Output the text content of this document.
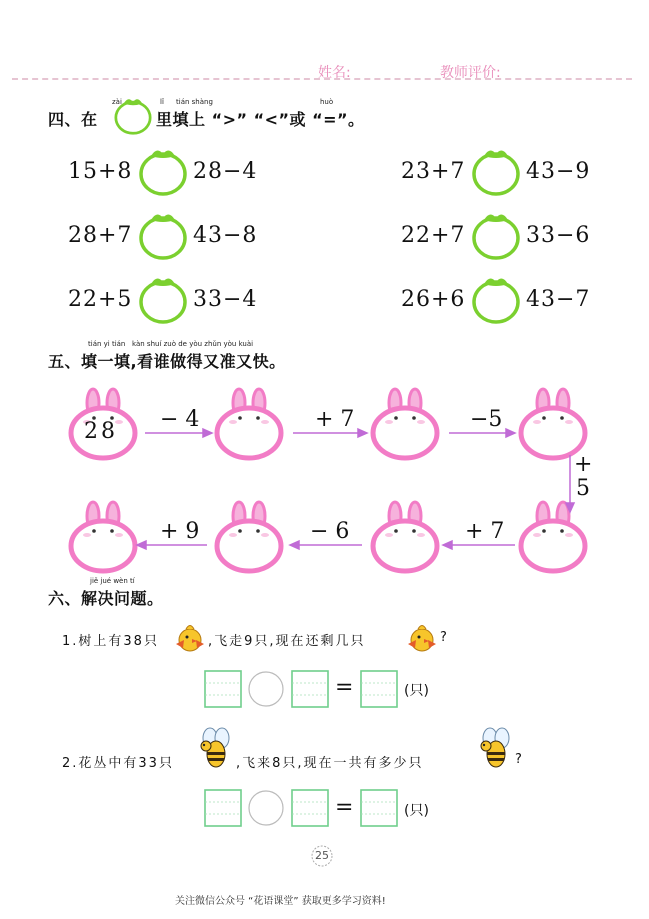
姓名:	教师评价:
zài	lǐ tián shàng	huò
四、在	里填上 “>” “<”或 “=”。
15+8	28−4	23+7	43−9
28+7	43−8	22+7	33−6
22+5	33−4	26+6	43−7
tián yi tián   kàn shuí zuò de yòu zhǔn yòu kuài
五、填一填,看谁做得又准又快。
28 − 4	+ 7	−5
+
5
+ 9	− 6	+ 7
jiě jué wèn tí
六、解决问题。
1.树上有38只	,飞走9只,现在还剩几只	?
=	(只)
2.花丛中有33只	,飞来8只,现在一共有多少只	?
=	(只)
25
关注微信公众号 “花语课堂” 获取更多学习资料!
